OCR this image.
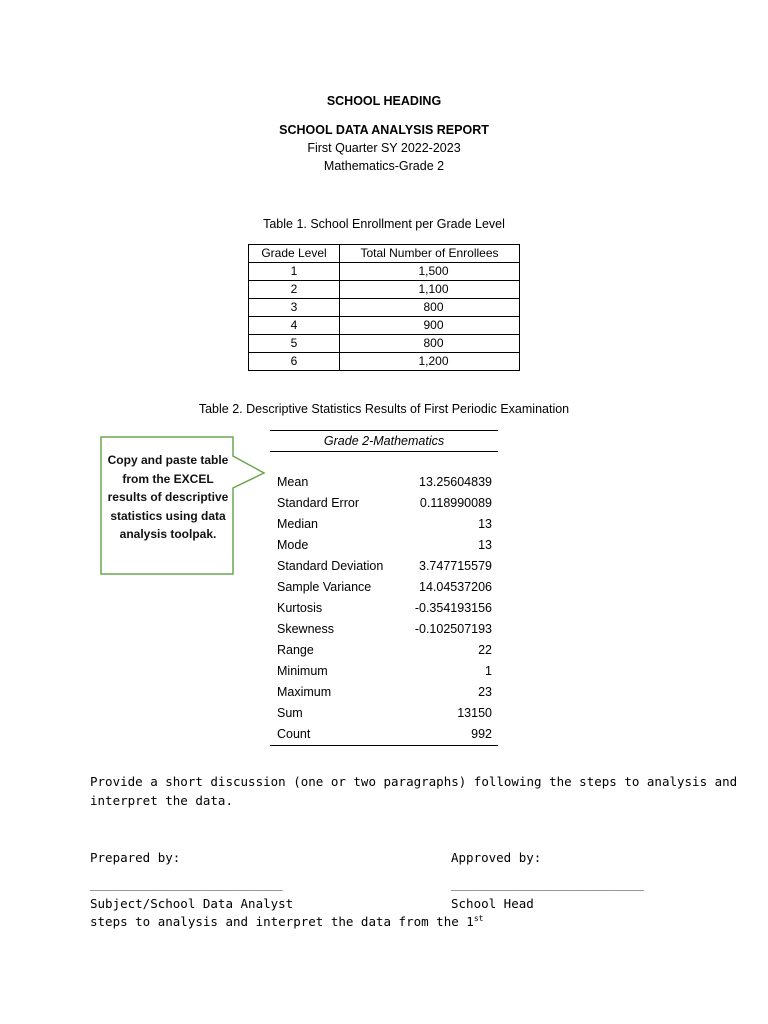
SCHOOL HEADING
SCHOOL DATA ANALYSIS REPORT
First Quarter SY 2022-2023
Mathematics-Grade 2
Table 1. School Enrollment per Grade Level
Grade Level	Total Number of Enrollees
1	1,500
2	1,100
3	800
4	900
5	800
6	1,200
Table 2. Descriptive Statistics Results of First Periodic Examination
Copy and paste table from the EXCEL results of descriptive statistics using data analysis toolpak.
Grade 2-Mathematics
Mean	13.25604839
Standard Error	0.118990089
Median	13
Mode	13
Standard Deviation	3.747715579
Sample Variance	14.04537206
Kurtosis	-0.354193156
Skewness	-0.102507193
Range	22
Minimum	1
Maximum	23
Sum	13150
Count	992
Provide a short discussion (one or two paragraphs) following the steps to analysis and
interpret the data.
Prepared by:	Approved by:
______________________________	______________________________
Subject/School Data Analyst	School Head
steps to analysis and interpret the data from the 1st
